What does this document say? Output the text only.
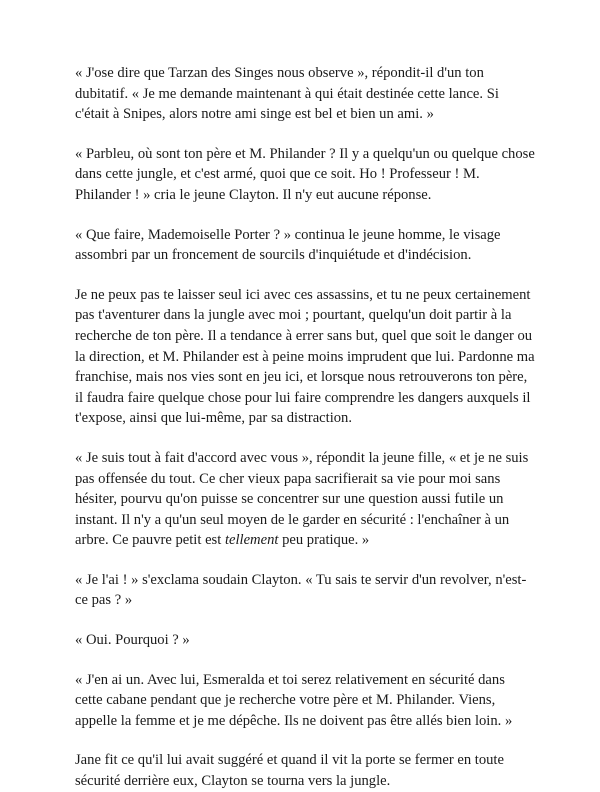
« J'ose dire que Tarzan des Singes nous observe », répondit-il d'un ton dubitatif. « Je me demande maintenant à qui était destinée cette lance. Si c'était à Snipes, alors notre ami singe est bel et bien un ami. »

« Parbleu, où sont ton père et M. Philander ? Il y a quelqu'un ou quelque chose dans cette jungle, et c'est armé, quoi que ce soit. Ho ! Professeur ! M. Philander ! » cria le jeune Clayton. Il n'y eut aucune réponse.

« Que faire, Mademoiselle Porter ? » continua le jeune homme, le visage assombri par un froncement de sourcils d'inquiétude et d'indécision.

Je ne peux pas te laisser seul ici avec ces assassins, et tu ne peux certainement pas t'aventurer dans la jungle avec moi ; pourtant, quelqu'un doit partir à la recherche de ton père. Il a tendance à errer sans but, quel que soit le danger ou la direction, et M. Philander est à peine moins imprudent que lui. Pardonne ma franchise, mais nos vies sont en jeu ici, et lorsque nous retrouverons ton père, il faudra faire quelque chose pour lui faire comprendre les dangers auxquels il t'expose, ainsi que lui-même, par sa distraction.

« Je suis tout à fait d'accord avec vous », répondit la jeune fille, « et je ne suis pas offensée du tout. Ce cher vieux papa sacrifierait sa vie pour moi sans hésiter, pourvu qu'on puisse se concentrer sur une question aussi futile un instant. Il n'y a qu'un seul moyen de le garder en sécurité : l'enchaîner à un arbre. Ce pauvre petit est tellement peu pratique. »

« Je l'ai ! » s'exclama soudain Clayton. « Tu sais te servir d'un revolver, n'est-ce pas ? »

« Oui. Pourquoi ? »

« J'en ai un. Avec lui, Esmeralda et toi serez relativement en sécurité dans cette cabane pendant que je recherche votre père et M. Philander. Viens, appelle la femme et je me dépêche. Ils ne doivent pas être allés bien loin. »

Jane fit ce qu'il lui avait suggéré et quand il vit la porte se fermer en toute sécurité derrière eux, Clayton se tourna vers la jungle.
